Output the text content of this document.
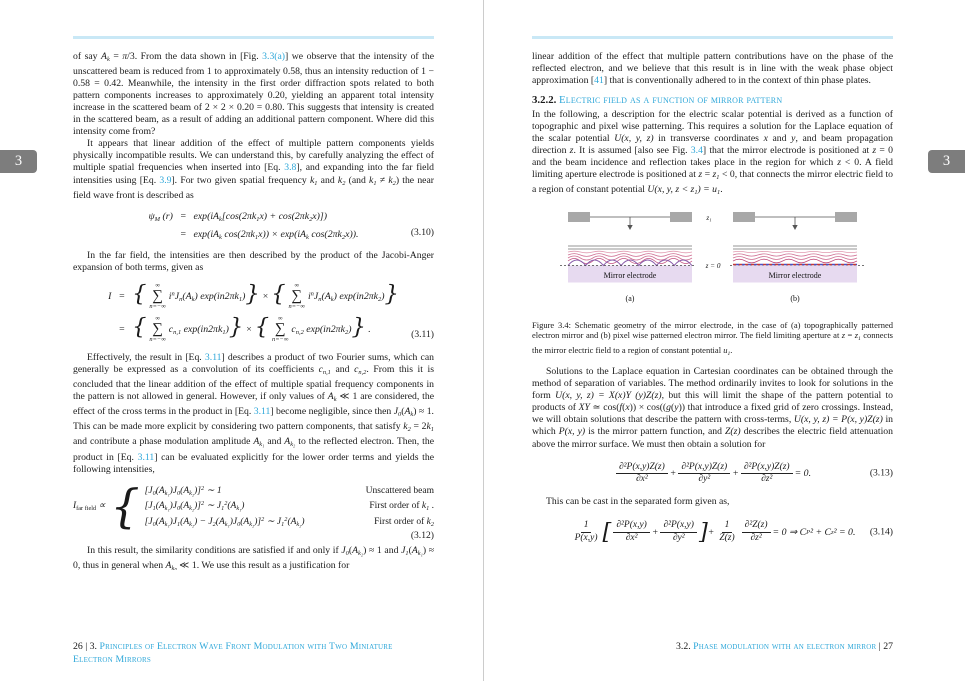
3	3

of say $A_k = \pi/3$. From the data shown in [Fig. 3.3(a)] we observe that the intensity of the unscattered beam is reduced from 1 to approximately 0.58, thus an intensity reduction of 1 − 0.58 = 0.42. Meanwhile, the intensity in the first order diffraction spots related to both pattern components increases to approximately 0.20, yielding an apparent total intensity increase in the scattered beam of 2 × 2 × 0.20 = 0.80. This suggests that intensity is created in the scattered beam, as a result of adding an additional pattern component. Where did this intensity come from?

It appears that linear addition of the effect of multiple pattern components yields physically incompatible results. We can understand this, by carefully analyzing the effect of multiple spatial frequencies when inserted into [Eq. 3.8], and expanding into the far field intensities using [Eq. 3.9]. For two given spatial frequency $k_1$ and $k_2$ (and $k_1 \ne k_2$) the near field wave front is described as

$\psi_M$ $(r) = \exp(iA_k[\cos(2\pi k_1x) + \cos(2\pi k_2x)])$
= $\exp(iA_k$ $\cos(2\pi k_1x)) \times \exp(iA_k$ $\cos(2\pi k_2x)$).	(3.10)

In the far field, the intensities are then described by the product of the Jacobi-Anger expansion of both terms, given as

I = { ∞
∑
n=−∞
$i^nJ_n(A_k) \exp(in2\pi k_1)$} × { ∞
∑
n=−∞
$i^nJ_n(A_k)$ $\exp(in2\pi k_2)$}
= { ∞
∑
n=−∞
$c_{n,1}$ $\exp(in2\pi k_1)$} × { ∞
∑
n=−∞
$c_{n,2}$ $\exp(in2\pi k_2)$} .	(3.11)

Effectively, the result in [Eq. 3.11] describes a product of two Fourier sums, which can generally be expressed as a convolution of its coefficients $c_{n,1}$ and $c_{n,2}$. From this it is concluded that the linear addition of the effect of multiple spatial frequency components in the pattern is not allowed in general. However, if only values of $A_k$ ≪ 1 are considered, the effect of the cross terms in the product in [Eq. 3.11] become negligible, since then $J_0(A_k) \approx 1$. This can be made more explicit by considering two pattern components, that satisfy $k_2 = 2k_1$ and contribute a phase modulation amplitude $A_{k_1}$ and $A_{k_2}$ to the reflected electron. Then, the product in [Eq. 3.11] can be evaluated explicitly for the lower order terms and yields the following intensities,

$I_{far field}$ ∝ { $[J_0(A_{k_1})J_0(A_{k_2})]^2$ ∼ 1	Unscattered beam
$[J_1(A_{k_1})J_0(A_{k_2})]^2$ ∼ $J_1^2(A_{k_1})$	First order of $k_1$ .
$[J_0(A_{k_1})J_1(A_{k_2}) - J_2(A_{k_1})J_0(A_{k_2})]^2$ ∼ $J_1^2(A_{k_2})$	First order of $k_2$
(3.12)

In this result, the similarity conditions are satisfied if and only if $J_0(A_{k_2}) \approx 1$ and $J_1(A_{k_1}) \approx 0$, thus in general when $A_{k_n}$ ≪ 1. We use this result as a justification for

26 | 3. Principles of Electron Wave Front Modulation with Two Miniature Electron Mirrors

linear addition of the effect that multiple pattern contributions have on the phase of the reflected electron, and we believe that this result is in line with the weak phase object approximation [41] that is conventionally adhered to in the context of thin phase plates.

3.2.2. Electric field as a function of mirror pattern

In the following, a description for the electric scalar potential is derived as a function of topographic and pixel wise patterning. This requires a solution for the Laplace equation of the scalar potential U(x, y, z) in transverse coordinates x and y, and beam propagation direction z. It is assumed [also see Fig. 3.4] that the mirror electrode is positioned at z = 0 and the beam incidence and reflection takes place in the region for which z < 0. A field limiting aperture electrode is positioned at $z = z_1 < 0$, that connects the mirror electric field to a region of constant potential U(x, y, $z < z_1) = u_1$.

Mirror electrode
(a)
z₁
z = 0
Mirror electrode
(b)
Figure 3.4: Schematic geometry of the mirror electrode, in the case of (a) topographically patterned electron mirror and (b) pixel wise patterned electron mirror. The field limiting aperture at $z = z_1$ connects the mirror electric field to a region of constant potential $u_1$.

Solutions to the Laplace equation in Cartesian coordinates can be obtained through the method of separation of variables. The method ordinarily invites to look for solutions in the form U(x, y, z) = X(x)Y (y)Z(z), but this will limit the shape of the pattern potential to products of XY ≃ cos(f(x)) × cos((g(y)) that introduce a fixed grid of zero crossings. Instead, we will obtain solutions that describe the pattern with cross-terms, U(x, y, z) = P(x, y)Z(z) in which P(x, y) is the mirror pattern function, and Z(z) describes the electric field attenuation above the mirror surface. We must then obtain a solution for

$\frac{\text{∂²P(x,y)Z(z)}}{\text{∂x²}} + \frac{\text{∂²P(x,y)Z(z)}}{\text{∂y²}} + \frac{\text{∂²P(x,y)Z(z)}}{\text{∂z²}} = 0$.	(3.13)

This can be cast in the separated form given as,

$\frac{1}{P(x,y)}$ [ $\frac{\text{∂²P(x,y)}}{\text{∂x²}} + \frac{\text{∂²P(x,y)}}{\text{∂y²}}$ ] + $\frac{1}{Z(z)} \frac{\text{∂²Z(z)}}{\text{∂z²}} = 0$ ⇒ C P ² + C z ² = 0. (3.14)
3.2. Phase modulation with an electron mirror | 27
